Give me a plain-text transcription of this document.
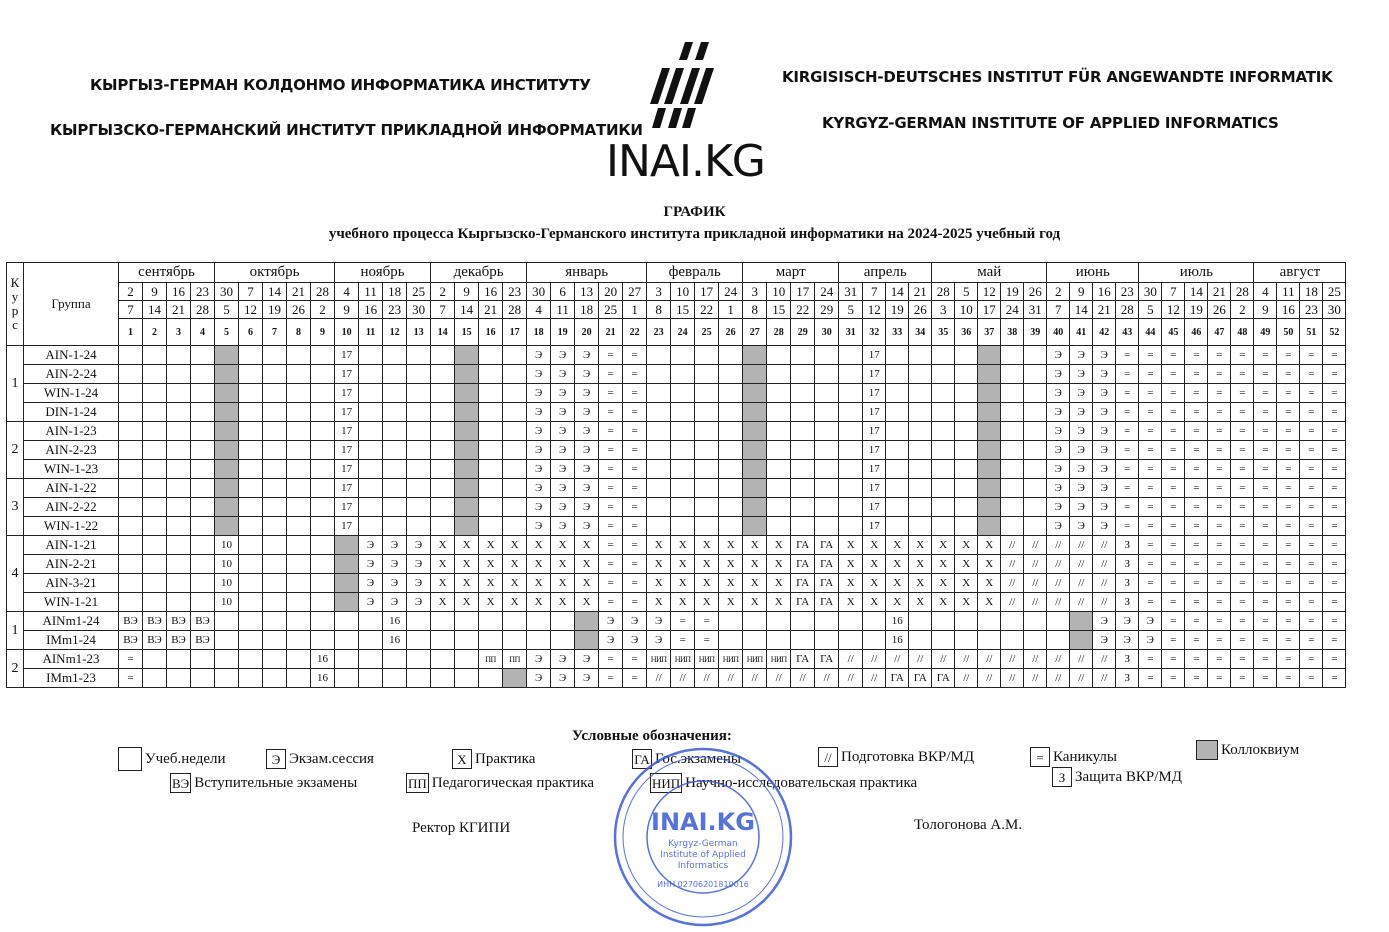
КЫРГЫЗ-ГЕРМАН КОЛДОНМО ИНФОРМАТИКА ИНСТИТУТУ
КЫРГЫЗСКО-ГЕРМАНСКИЙ ИНСТИТУТ ПРИКЛАДНОЙ ИНФОРМАТИКИ
KIRGISISCH-DEUTSCHES INSTITUT FÜR ANGEWANDTE INFORMATIK
KYRGYZ-GERMAN INSTITUTE OF APPLIED INFORMATICS
INAI.KG
ГРАФИК
учебного процесса Кыргызско-Германского института прикладной информатики на 2024-2025 учебный год
К
у
р
с	Группа	сентябрь				октябрь					ноябрь				декабрь				январь					февраль				март				апрель				май					июнь				июль					август			
		2	9	16	23	30	7	14	21	28	4	11	18	25	2	9	16	23	30	6	13	20	27	3	10	17	24	3	10	17	24	31	7	14	21	28	5	12	19	26	2	9	16	23	30	7	14	21	28	4	11	18	25
		7	14	21	28	5	12	19	26	2	9	16	23	30	7	14	21	28	4	11	18	25	1	8	15	22	1	8	15	22	29	5	12	19	26	3	10	17	24	31	7	14	21	28	5	12	19	26	2	9	16	23	30
		1	2	3	4	5	6	7	8	9	10	11	12	13	14	15	16	17	18	19	20	21	22	23	24	25	26	27	28	29	30	31	32	33	34	35	36	37	38	39	40	41	42	43	44	45	46	47	48	49	50	51	52
1	AIN-1-24										17								Э	Э	Э	=	=										17								Э	Э	Э	=	=	=	=	=	=	=	=	=	=
	AIN-2-24										17								Э	Э	Э	=	=										17								Э	Э	Э	=	=	=	=	=	=	=	=	=	=
	WIN-1-24										17								Э	Э	Э	=	=										17								Э	Э	Э	=	=	=	=	=	=	=	=	=	=
	DIN-1-24										17								Э	Э	Э	=	=										17								Э	Э	Э	=	=	=	=	=	=	=	=	=	=
2	AIN-1-23										17								Э	Э	Э	=	=										17								Э	Э	Э	=	=	=	=	=	=	=	=	=	=
	AIN-2-23										17								Э	Э	Э	=	=										17								Э	Э	Э	=	=	=	=	=	=	=	=	=	=
	WIN-1-23										17								Э	Э	Э	=	=										17								Э	Э	Э	=	=	=	=	=	=	=	=	=	=
3	AIN-1-22										17								Э	Э	Э	=	=										17								Э	Э	Э	=	=	=	=	=	=	=	=	=	=
	AIN-2-22										17								Э	Э	Э	=	=										17								Э	Э	Э	=	=	=	=	=	=	=	=	=	=
	WIN-1-22										17								Э	Э	Э	=	=										17								Э	Э	Э	=	=	=	=	=	=	=	=	=	=
4	AIN-1-21					10						Э	Э	Э	X	X	X	X	X	X	X	=	=	X	X	X	X	X	X	ГА	ГА	X	X	X	X	X	X	X	//	//	//	//	//	З	=	=	=	=	=	=	=	=	=
	AIN-2-21					10						Э	Э	Э	X	X	X	X	X	X	X	=	=	X	X	X	X	X	X	ГА	ГА	X	X	X	X	X	X	X	//	//	//	//	//	З	=	=	=	=	=	=	=	=	=
	AIN-3-21					10						Э	Э	Э	X	X	X	X	X	X	X	=	=	X	X	X	X	X	X	ГА	ГА	X	X	X	X	X	X	X	//	//	//	//	//	З	=	=	=	=	=	=	=	=	=
	WIN-1-21					10						Э	Э	Э	X	X	X	X	X	X	X	=	=	X	X	X	X	X	X	ГА	ГА	X	X	X	X	X	X	X	//	//	//	//	//	З	=	=	=	=	=	=	=	=	=
1	AINm1-24	ВЭ	ВЭ	ВЭ	ВЭ								16									Э	Э	Э	=	=								16									Э	Э	Э	=	=	=	=	=	=	=	=
	IMm1-24	ВЭ	ВЭ	ВЭ	ВЭ								16									Э	Э	Э	=	=								16									Э	Э	Э	=	=	=	=	=	=	=	=
2	AINm1-23	=								16							ПП	ПП	Э	Э	Э	=	=	НИП	НИП	НИП	НИП	НИП	НИП	ГА	ГА	//	//	//	//	//	//	//	//	//	//	//	//	З	=	=	=	=	=	=	=	=	=
	IMm1-23	=								16									Э	Э	Э	=	=	//	//	//	//	//	//	//	//	//	//	ГА	ГА	ГА	//	//	//	//	//	//	//	З	=	=	=	=	=	=	=	=	=
Условные обозначения:
Учеб.недели	Э Экзам.сессия	X Практика	ГА Гос.экзамены	// Подготовка ВКР/МД	= Каникулы	Коллоквиум
ВЭ Вступительные экзамены	ПП Педагогическая практика	НИП Научно-исследовательская практика	З Защита ВКР/МД
Ректор КГИПИ	Тологонова А.М.
INAI.KG
Kyrgyz-German
Institute of Applied
Informatics
ИНН 02706201810016
